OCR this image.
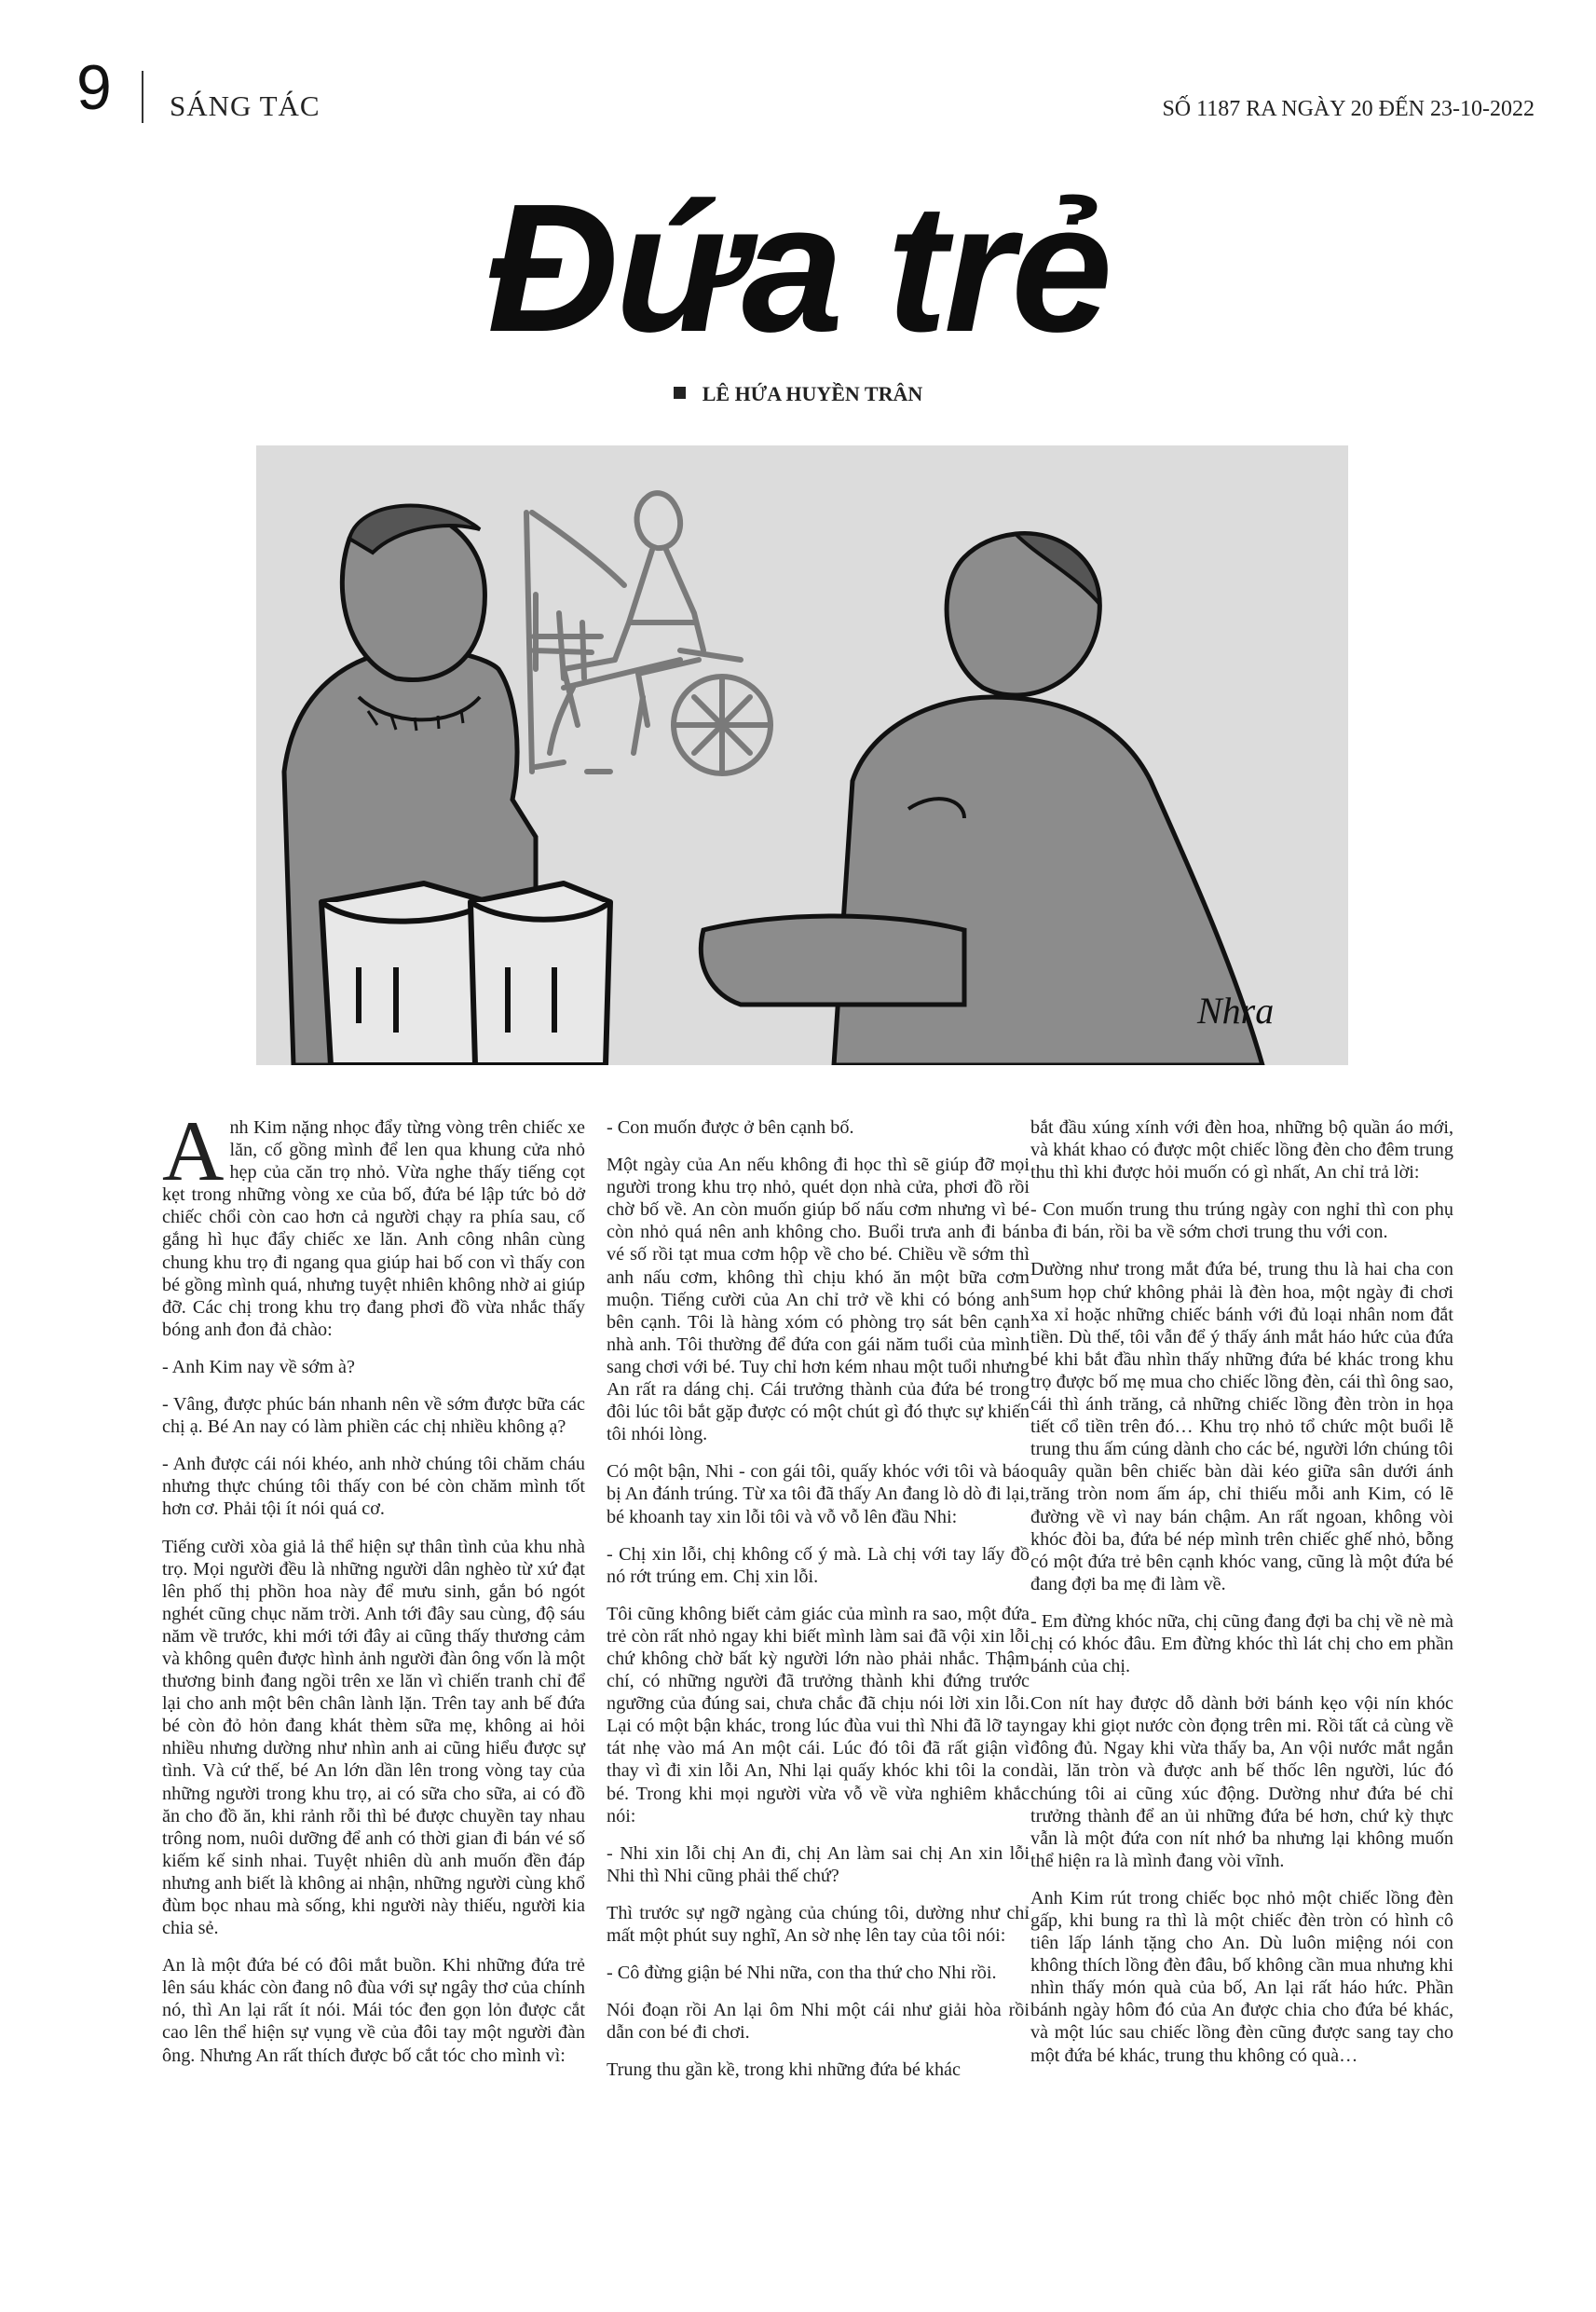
9 SÁNG TÁC	SỐ 1187 RA NGÀY 20 ĐẾN 23-10-2022
Đứa trẻ
LÊ HỨA HUYỀN TRÂN
Nhra

Anh Kim nặng nhọc đẩy từng vòng trên chiếc xe lăn, cố gồng mình để len qua khung cửa nhỏ hẹp của căn trọ nhỏ. Vừa nghe thấy tiếng cọt kẹt trong những vòng xe của bố, đứa bé lập tức bỏ dở chiếc chổi còn cao hơn cả người chạy ra phía sau, cố gắng hì hục đẩy chiếc xe lăn. Anh công nhân cùng chung khu trọ đi ngang qua giúp hai bố con vì thấy con bé gồng mình quá, nhưng tuyệt nhiên không nhờ ai giúp đỡ. Các chị trong khu trọ đang phơi đồ vừa nhắc thấy bóng anh đon đả chào:

- Anh Kim nay về sớm à?

- Vâng, được phúc bán nhanh nên về sớm được bữa các chị ạ. Bé An nay có làm phiền các chị nhiều không ạ?

- Anh được cái nói khéo, anh nhờ chúng tôi chăm cháu nhưng thực chúng tôi thấy con bé còn chăm mình tốt hơn cơ. Phải tội ít nói quá cơ.

Tiếng cười xòa giả lả thể hiện sự thân tình của khu nhà trọ. Mọi người đều là những người dân nghèo từ xứ đạt lên phố thị phồn hoa này để mưu sinh, gắn bó ngót nghét cũng chục năm trời. Anh tới đây sau cùng, độ sáu năm về trước, khi mới tới đây ai cũng thấy thương cảm và không quên được hình ảnh người đàn ông vốn là một thương binh đang ngồi trên xe lăn vì chiến tranh chỉ để lại cho anh một bên chân lành lặn. Trên tay anh bế đứa bé còn đỏ hỏn đang khát thèm sữa mẹ, không ai hỏi nhiều nhưng dường như nhìn anh ai cũng hiểu được sự tình. Và cứ thế, bé An lớn dần lên trong vòng tay của những người trong khu trọ, ai có sữa cho sữa, ai có đồ ăn cho đồ ăn, khi rảnh rỗi thì bé được chuyền tay nhau trông nom, nuôi dưỡng để anh có thời gian đi bán vé số kiếm kế sinh nhai. Tuyệt nhiên dù anh muốn đền đáp nhưng anh biết là không ai nhận, những người cùng khổ đùm bọc nhau mà sống, khi người này thiếu, người kia chia sẻ.

An là một đứa bé có đôi mắt buồn. Khi những đứa trẻ lên sáu khác còn đang nô đùa với sự ngây thơ của chính nó, thì An lại rất ít nói. Mái tóc đen gọn lỏn được cắt cao lên thể hiện sự vụng về của đôi tay một người đàn ông. Nhưng An rất thích được bố cắt tóc cho mình vì:

- Con muốn được ở bên cạnh bố.

Một ngày của An nếu không đi học thì sẽ giúp đỡ mọi người trong khu trọ nhỏ, quét dọn nhà cửa, phơi đồ rồi chờ bố về. An còn muốn giúp bố nấu cơm nhưng vì bé còn nhỏ quá nên anh không cho. Buổi trưa anh đi bán vé số rồi tạt mua cơm hộp về cho bé. Chiều về sớm thì anh nấu cơm, không thì chịu khó ăn một bữa cơm muộn. Tiếng cười của An chỉ trở về khi có bóng anh bên cạnh. Tôi là hàng xóm có phòng trọ sát bên cạnh nhà anh. Tôi thường để đứa con gái năm tuổi của mình sang chơi với bé. Tuy chỉ hơn kém nhau một tuổi nhưng An rất ra dáng chị. Cái trưởng thành của đứa bé trong đôi lúc tôi bắt gặp được có một chút gì đó thực sự khiến tôi nhói lòng.

Có một bận, Nhi - con gái tôi, quấy khóc với tôi và báo bị An đánh trúng. Từ xa tôi đã thấy An đang lò dò đi lại, bé khoanh tay xin lỗi tôi và vỗ vỗ lên đầu Nhi:

- Chị xin lỗi, chị không cố ý mà. Là chị với tay lấy đồ nó rớt trúng em. Chị xin lỗi.

Tôi cũng không biết cảm giác của mình ra sao, một đứa trẻ còn rất nhỏ ngay khi biết mình làm sai đã vội xin lỗi chứ không chờ bất kỳ người lớn nào phải nhắc. Thậm chí, có những người đã trưởng thành khi đứng trước ngưỡng của đúng sai, chưa chắc đã chịu nói lời xin lỗi. Lại có một bận khác, trong lúc đùa vui thì Nhi đã lỡ tay tát nhẹ vào má An một cái. Lúc đó tôi đã rất giận vì thay vì đi xin lỗi An, Nhi lại quấy khóc khi tôi la con bé. Trong khi mọi người vừa vỗ về vừa nghiêm khắc nói:

- Nhi xin lỗi chị An đi, chị An làm sai chị An xin lỗi Nhi thì Nhi cũng phải thế chứ?

Thì trước sự ngỡ ngàng của chúng tôi, dường như chỉ mất một phút suy nghĩ, An sờ nhẹ lên tay của tôi nói:

- Cô đừng giận bé Nhi nữa, con tha thứ cho Nhi rồi.

Nói đoạn rồi An lại ôm Nhi một cái như giải hòa rồi dẫn con bé đi chơi.

Trung thu gần kề, trong khi những đứa bé khác

bắt đầu xúng xính với đèn hoa, những bộ quần áo mới, và khát khao có được một chiếc lồng đèn cho đêm trung thu thì khi được hỏi muốn có gì nhất, An chỉ trả lời:

- Con muốn trung thu trúng ngày con nghỉ thì con phụ ba đi bán, rồi ba về sớm chơi trung thu với con.

Dường như trong mắt đứa bé, trung thu là hai cha con sum họp chứ không phải là đèn hoa, một ngày đi chơi xa xỉ hoặc những chiếc bánh với đủ loại nhân nom đắt tiền. Dù thế, tôi vẫn để ý thấy ánh mắt háo hức của đứa bé khi bắt đầu nhìn thấy những đứa bé khác trong khu trọ được bố mẹ mua cho chiếc lồng đèn, cái thì ông sao, cái thì ánh trăng, cả những chiếc lồng đèn tròn in họa tiết cổ tiền trên đó… Khu trọ nhỏ tổ chức một buổi lễ trung thu ấm cúng dành cho các bé, người lớn chúng tôi quây quần bên chiếc bàn dài kéo giữa sân dưới ánh trăng tròn nom ấm áp, chỉ thiếu mỗi anh Kim, có lẽ đường về vì nay bán chậm. An rất ngoan, không vòi khóc đòi ba, đứa bé nép mình trên chiếc ghế nhỏ, bỗng có một đứa trẻ bên cạnh khóc vang, cũng là một đứa bé đang đợi ba mẹ đi làm về.

- Em đừng khóc nữa, chị cũng đang đợi ba chị về nè mà chị có khóc đâu. Em đừng khóc thì lát chị cho em phần bánh của chị.

Con nít hay được dỗ dành bởi bánh kẹo vội nín khóc ngay khi giọt nước còn đọng trên mi. Rồi tất cả cùng về đông đủ. Ngay khi vừa thấy ba, An vội nước mắt ngắn dài, lăn tròn và được anh bế thốc lên người, lúc đó chúng tôi ai cũng xúc động. Dường như đứa bé chỉ trưởng thành để an ủi những đứa bé hơn, chứ kỳ thực vẫn là một đứa con nít nhớ ba nhưng lại không muốn thể hiện ra là mình đang vòi vĩnh.

Anh Kim rút trong chiếc bọc nhỏ một chiếc lồng đèn gấp, khi bung ra thì là một chiếc đèn tròn có hình cô tiên lấp lánh tặng cho An. Dù luôn miệng nói con không thích lồng đèn đâu, bố không cần mua nhưng khi nhìn thấy món quà của bố, An lại rất háo hức. Phần bánh ngày hôm đó của An được chia cho đứa bé khác, và một lúc sau chiếc lồng đèn cũng được sang tay cho một đứa bé khác, trung thu không có quà…
